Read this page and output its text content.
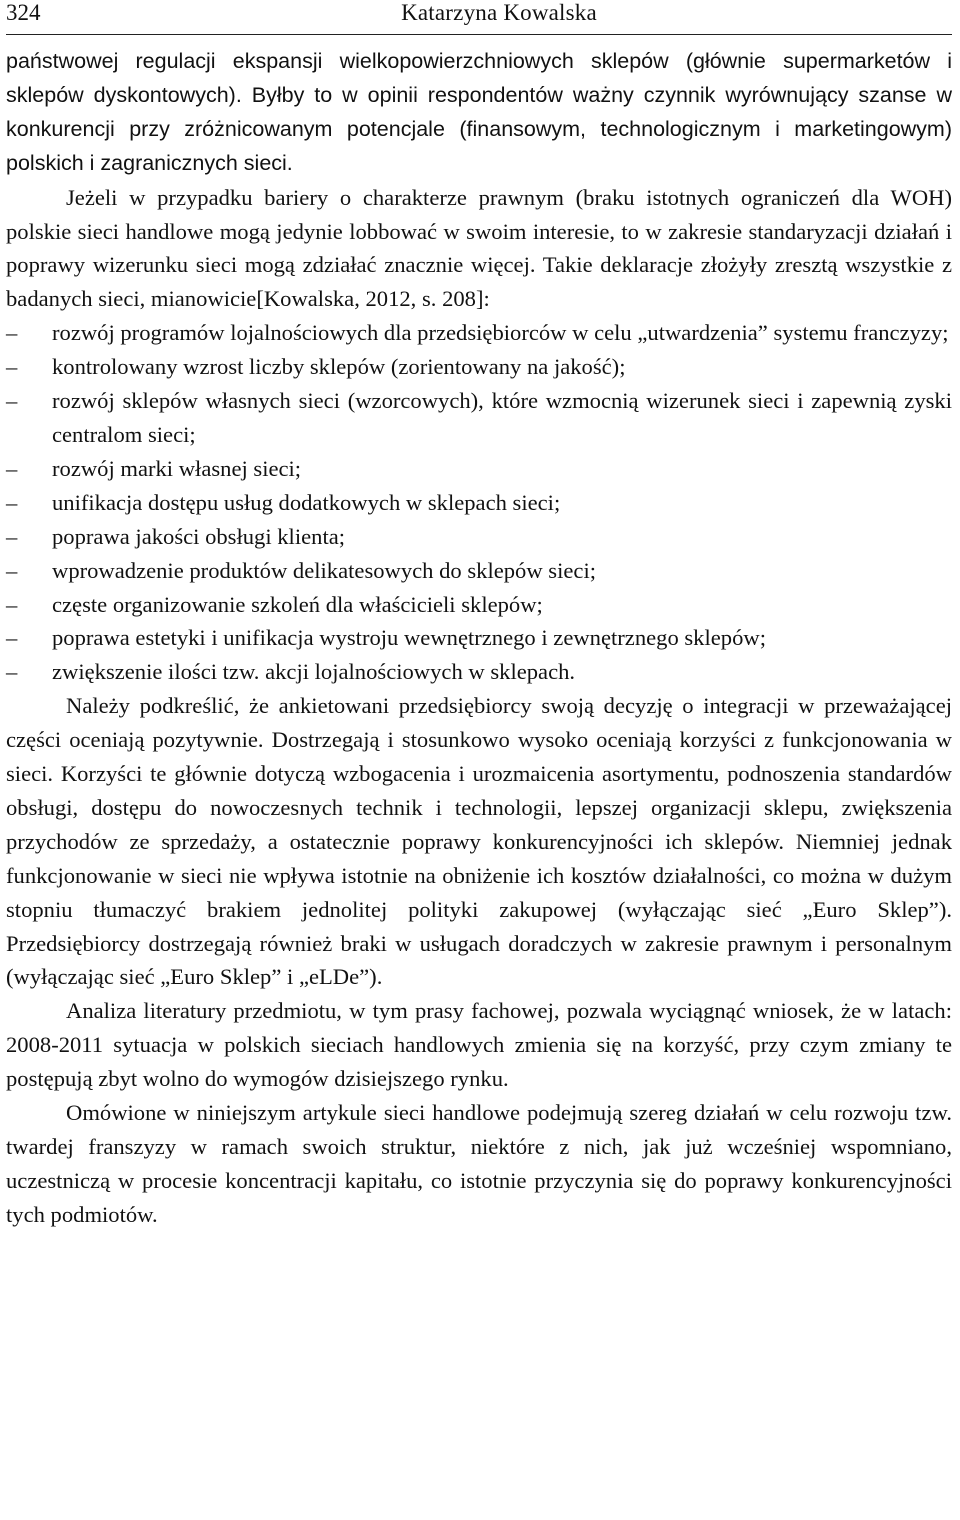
324	Katarzyna Kowalska

państwowej regulacji ekspansji wielkopowierzchniowych sklepów (głównie supermarketów i sklepów dyskontowych). Byłby to w opinii respondentów ważny czynnik wyrównujący szanse w konkurencji przy zróżnicowanym potencjale (finansowym, technologicznym i marketingowym) polskich i zagranicznych sieci.

Jeżeli w przypadku bariery o charakterze prawnym (braku istotnych ograniczeń dla WOH) polskie sieci handlowe mogą jedynie lobbować w swoim interesie, to w zakresie standaryzacji działań i poprawy wizerunku sieci mogą zdziałać znacznie więcej. Takie deklaracje złożyły zresztą wszystkie z badanych sieci, mianowicie[Kowalska, 2012, s. 208]:

–	rozwój programów lojalnościowych dla przedsiębiorców w celu „utwardzenia” systemu franczyzy;
–	kontrolowany wzrost liczby sklepów (zorientowany na jakość);
–	rozwój sklepów własnych sieci (wzorcowych), które wzmocnią wizerunek sieci i zapewnią zyski centralom sieci;
–	rozwój marki własnej sieci;
–	unifikacja dostępu usług dodatkowych w sklepach sieci;
–	poprawa jakości obsługi klienta;
–	wprowadzenie produktów delikatesowych do sklepów sieci;
–	częste organizowanie szkoleń dla właścicieli sklepów;
–	poprawa estetyki i unifikacja wystroju wewnętrznego i zewnętrznego sklepów;
–	zwiększenie ilości tzw. akcji lojalnościowych w sklepach.

Należy podkreślić, że ankietowani przedsiębiorcy swoją decyzję o integracji w przeważającej części oceniają pozytywnie. Dostrzegają i stosunkowo wysoko oceniają korzyści z funkcjonowania w sieci. Korzyści te głównie dotyczą wzbogacenia i urozmaicenia asortymentu, podnoszenia standardów obsługi, dostępu do nowoczesnych technik i technologii, lepszej organizacji sklepu, zwiększenia przychodów ze sprzedaży, a ostatecznie poprawy konkurencyjności ich sklepów. Niemniej jednak funkcjonowanie w sieci nie wpływa istotnie na obniżenie ich kosztów działalności, co można w dużym stopniu tłumaczyć brakiem jednolitej polityki zakupowej (wyłączając sieć „Euro Sklep”). Przedsiębiorcy dostrzegają również braki w usługach doradczych w zakresie prawnym i personalnym (wyłączając sieć „Euro Sklep” i „eLDe”).

Analiza literatury przedmiotu, w tym prasy fachowej, pozwala wyciągnąć wniosek, że w latach: 2008-2011 sytuacja w polskich sieciach handlowych zmienia się na korzyść, przy czym zmiany te postępują zbyt wolno do wymogów dzisiejszego rynku.

Omówione w niniejszym artykule sieci handlowe podejmują szereg działań w celu rozwoju tzw. twardej franszyzy w ramach swoich struktur, niektóre z nich, jak już wcześniej wspomniano, uczestniczą w procesie koncentracji kapitału, co istotnie przyczynia się do poprawy konkurencyjności tych podmiotów.
